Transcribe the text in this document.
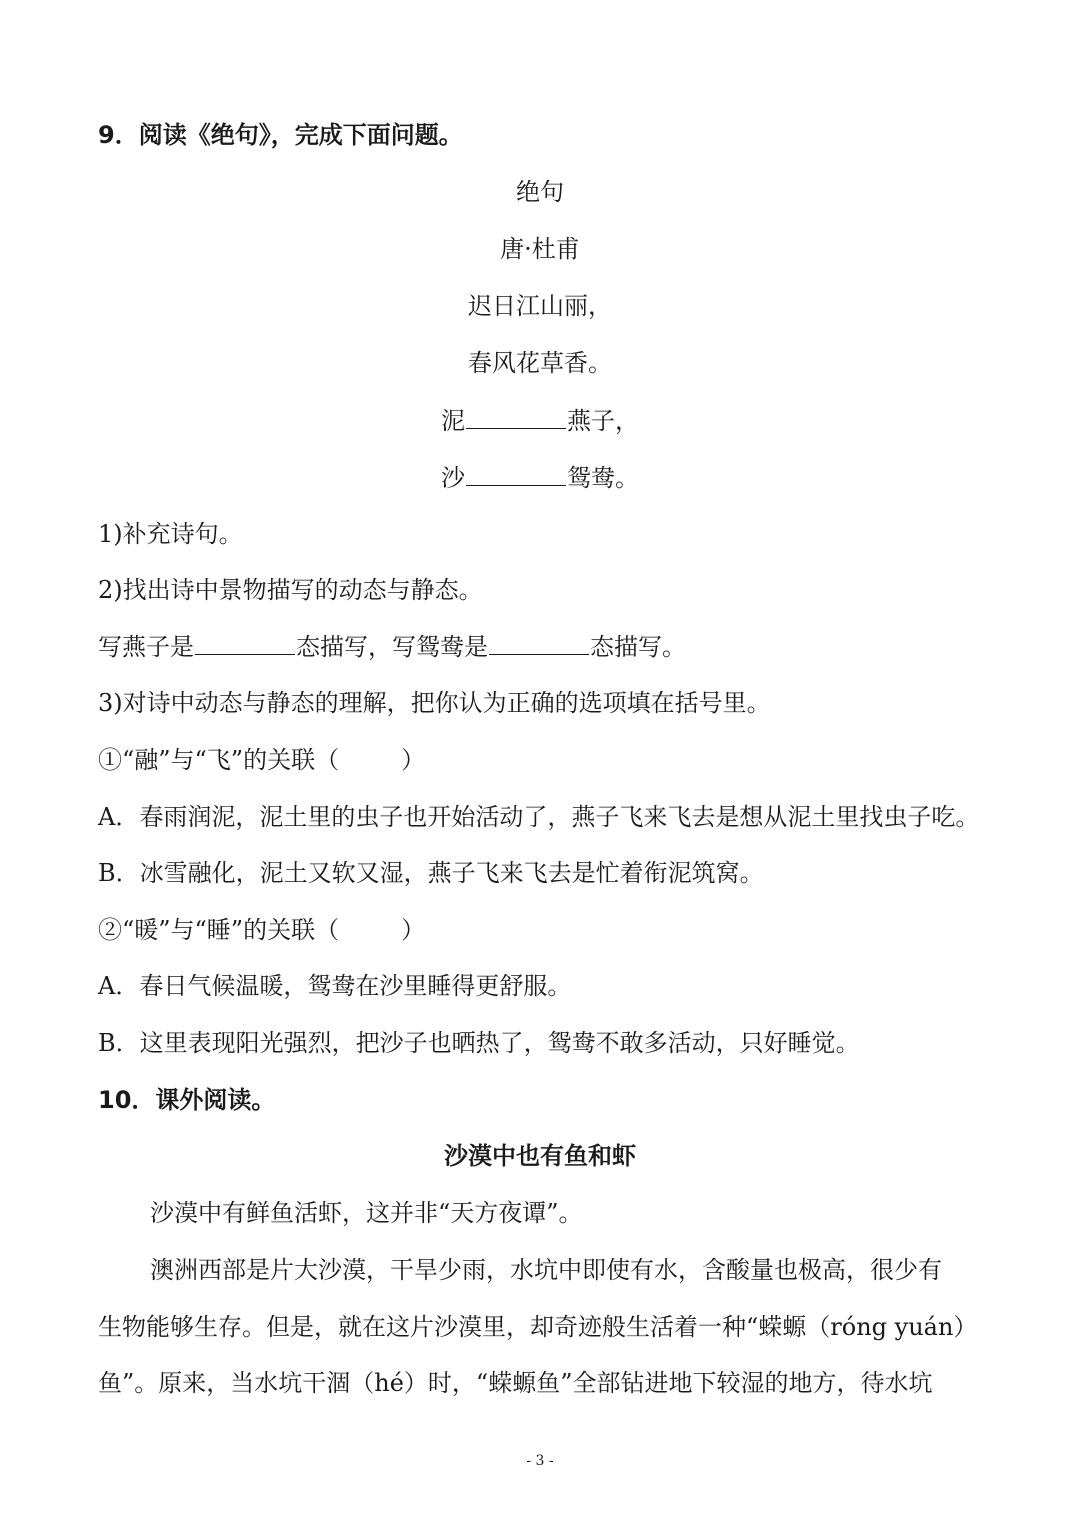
9．阅读《绝句》，完成下面问题。
绝句
唐·杜甫
迟日江山丽，
春风花草香。
泥	燕子，
沙	鸳鸯。
1)补充诗句。
2)找出诗中景物描写的动态与静态。
写燕子是	态描写，写鸳鸯是	态描写。
3)对诗中动态与静态的理解，把你认为正确的选项填在括号里。
①“融”与“飞”的关联（	）
A．春雨润泥，泥土里的虫子也开始活动了，燕子飞来飞去是想从泥土里找虫子吃。
B．冰雪融化，泥土又软又湿，燕子飞来飞去是忙着衔泥筑窝。
②“暖”与“睡”的关联（	）
A．春日气候温暖，鸳鸯在沙里睡得更舒服。
B．这里表现阳光强烈，把沙子也晒热了，鸳鸯不敢多活动，只好睡觉。
10．课外阅读。
沙漠中也有鱼和虾
沙漠中有鲜鱼活虾，这并非“天方夜谭”。
澳洲西部是片大沙漠，干旱少雨，水坑中即使有水，含酸量也极高，很少有
生物能够生存。但是，就在这片沙漠里，却奇迹般生活着一种“蝾螈（róng yuán）
鱼”。原来，当水坑干涸（hé）时，“蝾螈鱼”全部钻进地下较湿的地方，待水坑
- 3 -
